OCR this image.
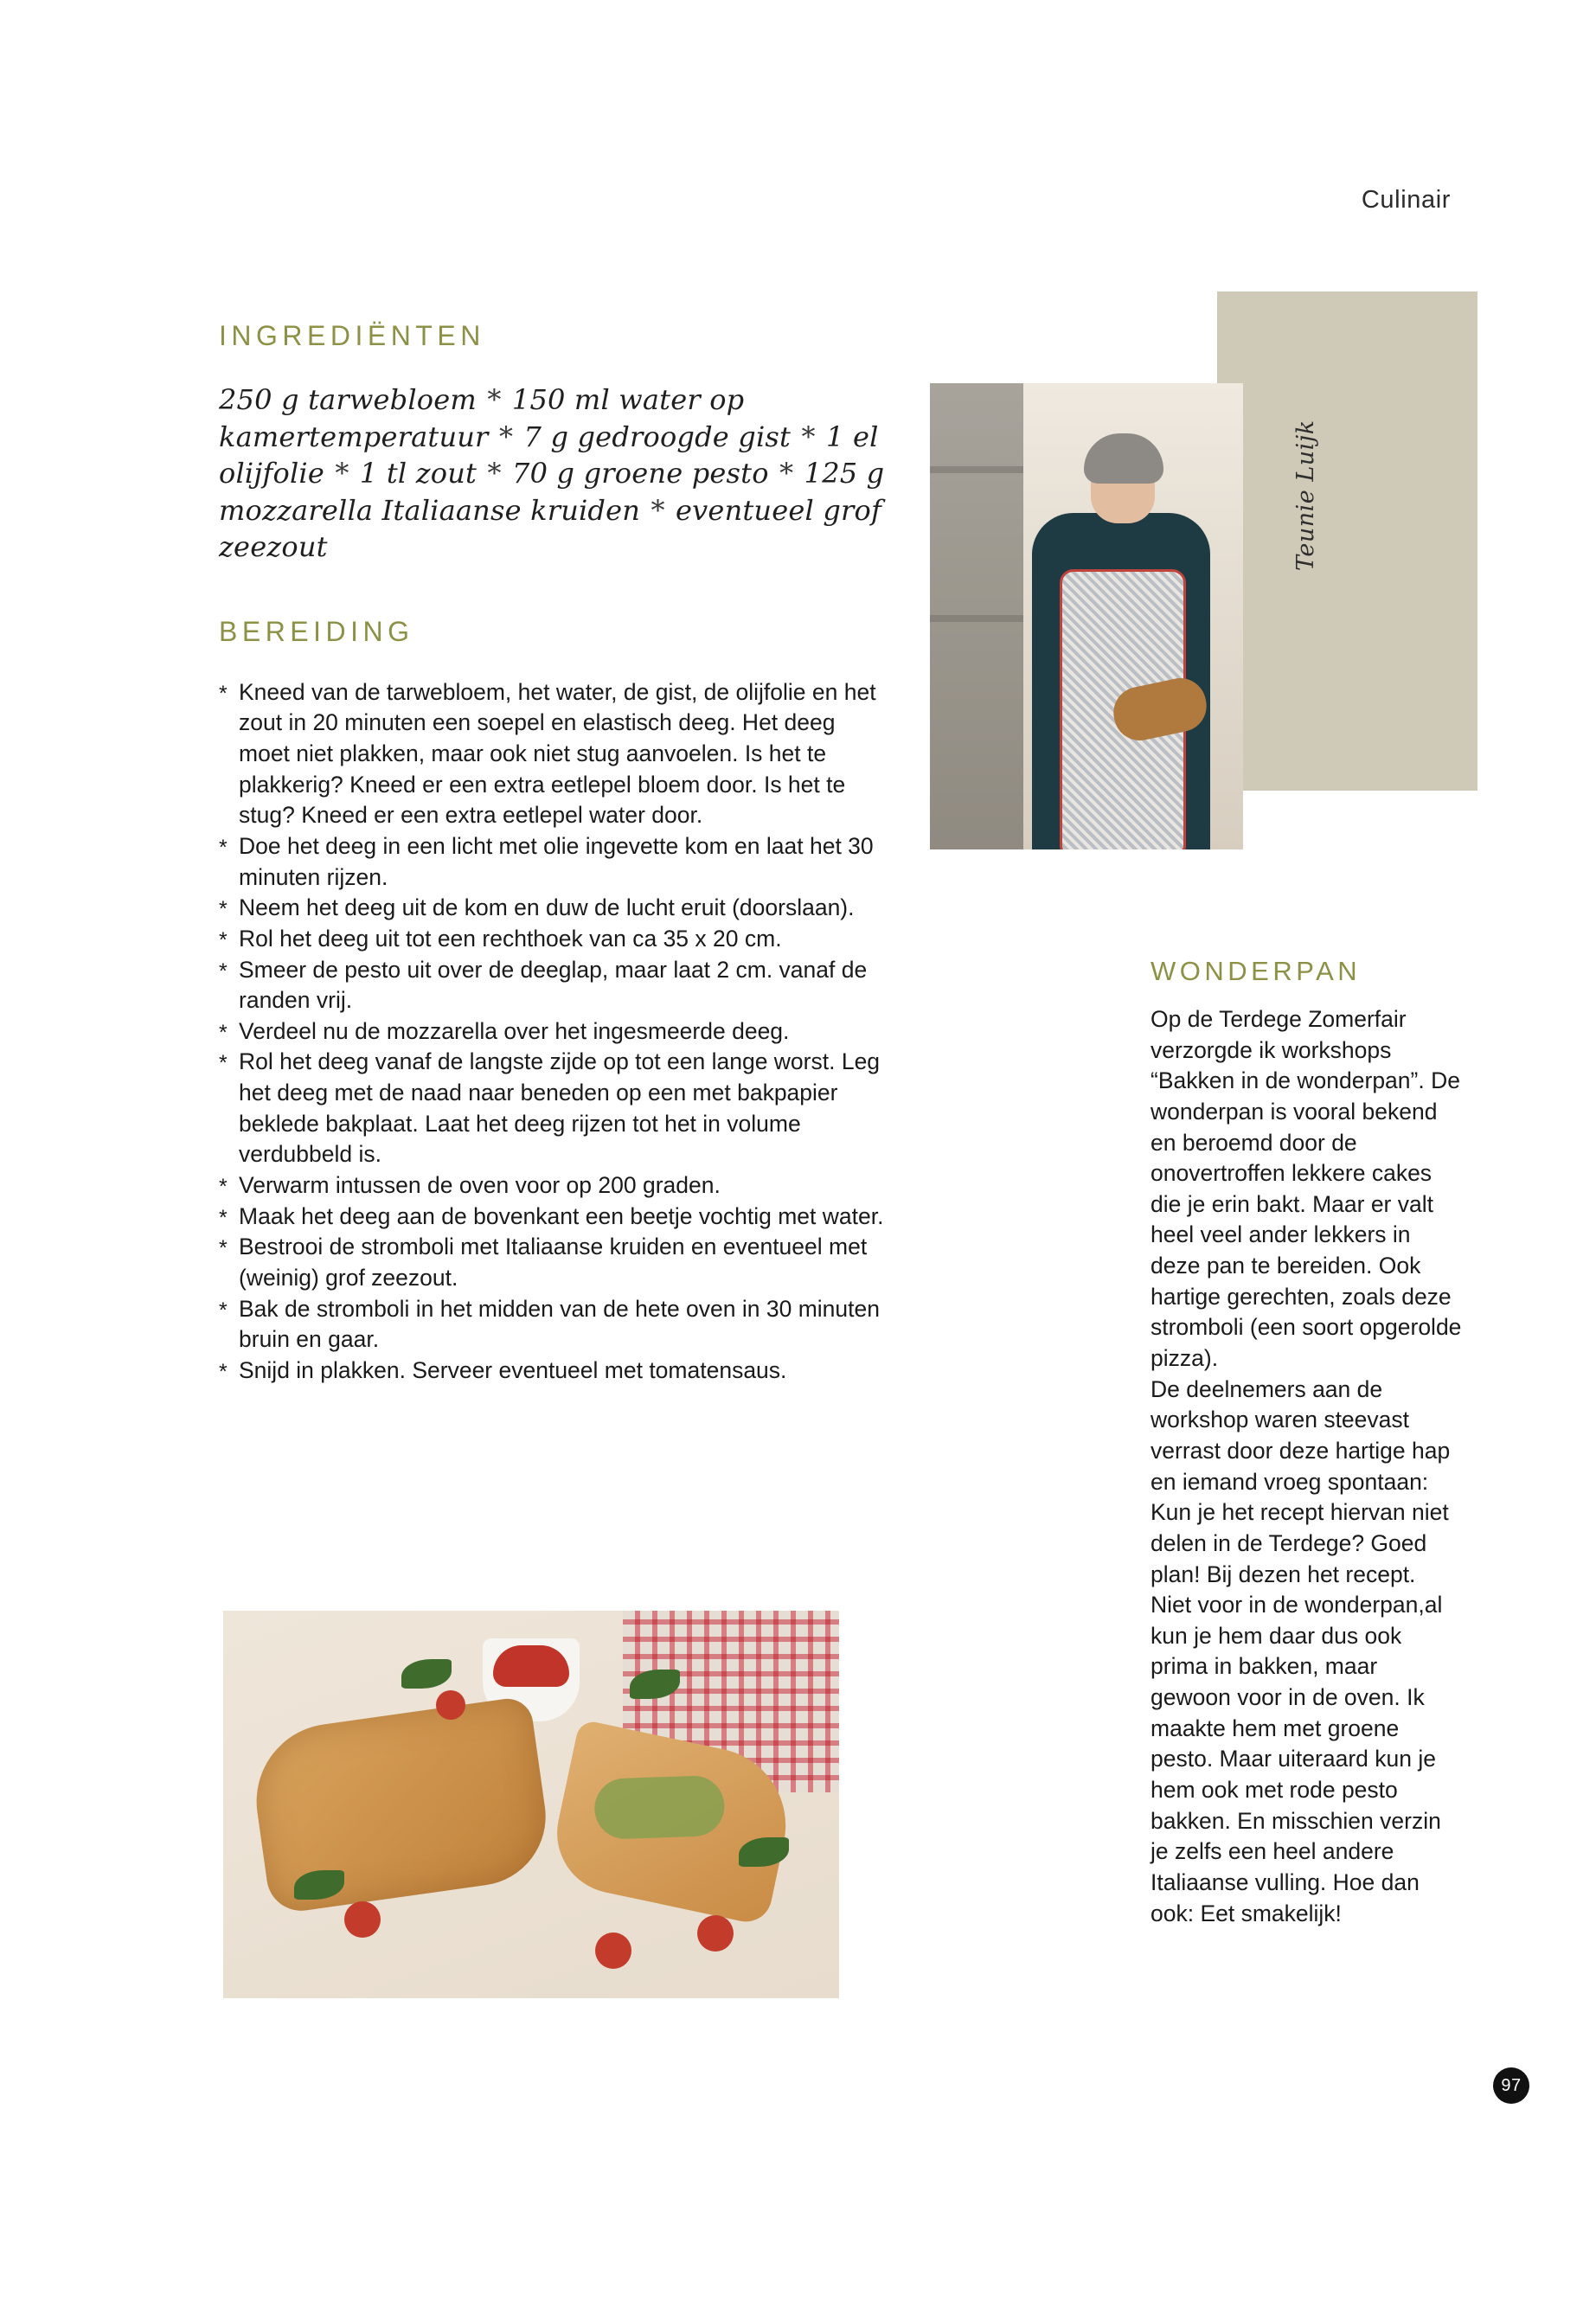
Culinair
Teunie Luijk
INGREDIËNTEN

250 g tarwebloem * 150 ml water op kamertemperatuur * 7 g gedroogde gist * 1 el olijfolie * 1 tl zout * 70 g groene pesto * 125 g mozzarella Italiaanse kruiden * eventueel grof zeezout

BEREIDING
* Kneed van de tarwebloem, het water, de gist, de olijfolie en het zout in 20 minuten een soepel en elastisch deeg. Het deeg moet niet plakken, maar ook niet stug aanvoelen. Is het te plakkerig? Kneed er een extra eetlepel bloem door. Is het te stug? Kneed er een extra eetlepel water door.
* Doe het deeg in een licht met olie ingevette kom en laat het 30 minuten rijzen.
* Neem het deeg uit de kom en duw de lucht eruit (doorslaan).
* Rol het deeg uit tot een rechthoek van ca 35 x 20 cm.
* Smeer de pesto uit over de deeglap, maar laat 2 cm. vanaf de randen vrij.
* Verdeel nu de mozzarella over het ingesmeerde deeg.
* Rol het deeg vanaf de langste zijde op tot een lange worst. Leg het deeg met de naad naar beneden op een met bakpapier beklede bakplaat. Laat het deeg rijzen tot het in volume verdubbeld is.
* Verwarm intussen de oven voor op 200 graden.
* Maak het deeg aan de bovenkant een beetje vochtig met water.
* Bestrooi de stromboli met Italiaanse kruiden en eventueel met (weinig) grof zeezout.
* Bak de stromboli in het midden van de hete oven in 30 minuten bruin en gaar.
* Snijd in plakken. Serveer eventueel met tomatensaus.
WONDERPAN

Op de Terdege Zomerfair verzorgde ik workshops “Bakken in de wonderpan”. De wonderpan is vooral bekend en beroemd door de onovertroffen lekkere cakes die je erin bakt. Maar er valt heel veel ander lekkers in deze pan te bereiden. Ook hartige gerechten, zoals deze stromboli (een soort opgerolde pizza).

De deelnemers aan de workshop waren steevast verrast door deze hartige hap en iemand vroeg spontaan: Kun je het recept hiervan niet delen in de Terdege? Goed plan! Bij dezen het recept. Niet voor in de wonderpan,al kun je hem daar dus ook prima in bakken, maar gewoon voor in de oven. Ik maakte hem met groene pesto. Maar uiteraard kun je hem ook met rode pesto bakken. En misschien verzin je zelfs een heel andere Italiaanse vulling. Hoe dan ook: Eet smakelijk!

97
